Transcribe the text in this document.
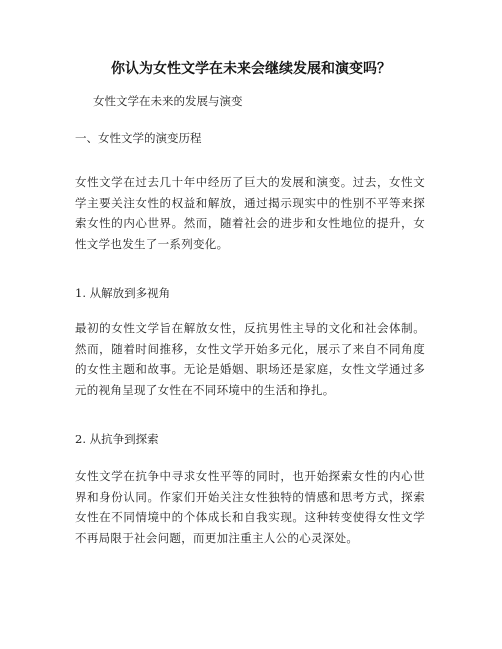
你认为女性文学在未来会继续发展和演变吗？
女性文学在未来的发展与演变
一、女性文学的演变历程
女性文学在过去几十年中经历了巨大的发展和演变。过去，女性文学主要关注女性的权益和解放，通过揭示现实中的性别不平等来探索女性的内心世界。然而，随着社会的进步和女性地位的提升，女性文学也发生了一系列变化。
1. 从解放到多视角
最初的女性文学旨在解放女性，反抗男性主导的文化和社会体制。然而，随着时间推移，女性文学开始多元化，展示了来自不同角度的女性主题和故事。无论是婚姻、职场还是家庭，女性文学通过多元的视角呈现了女性在不同环境中的生活和挣扎。
2. 从抗争到探索
女性文学在抗争中寻求女性平等的同时，也开始探索女性的内心世界和身份认同。作家们开始关注女性独特的情感和思考方式，探索女性在不同情境中的个体成长和自我实现。这种转变使得女性文学不再局限于社会问题，而更加注重主人公的心灵深处。
